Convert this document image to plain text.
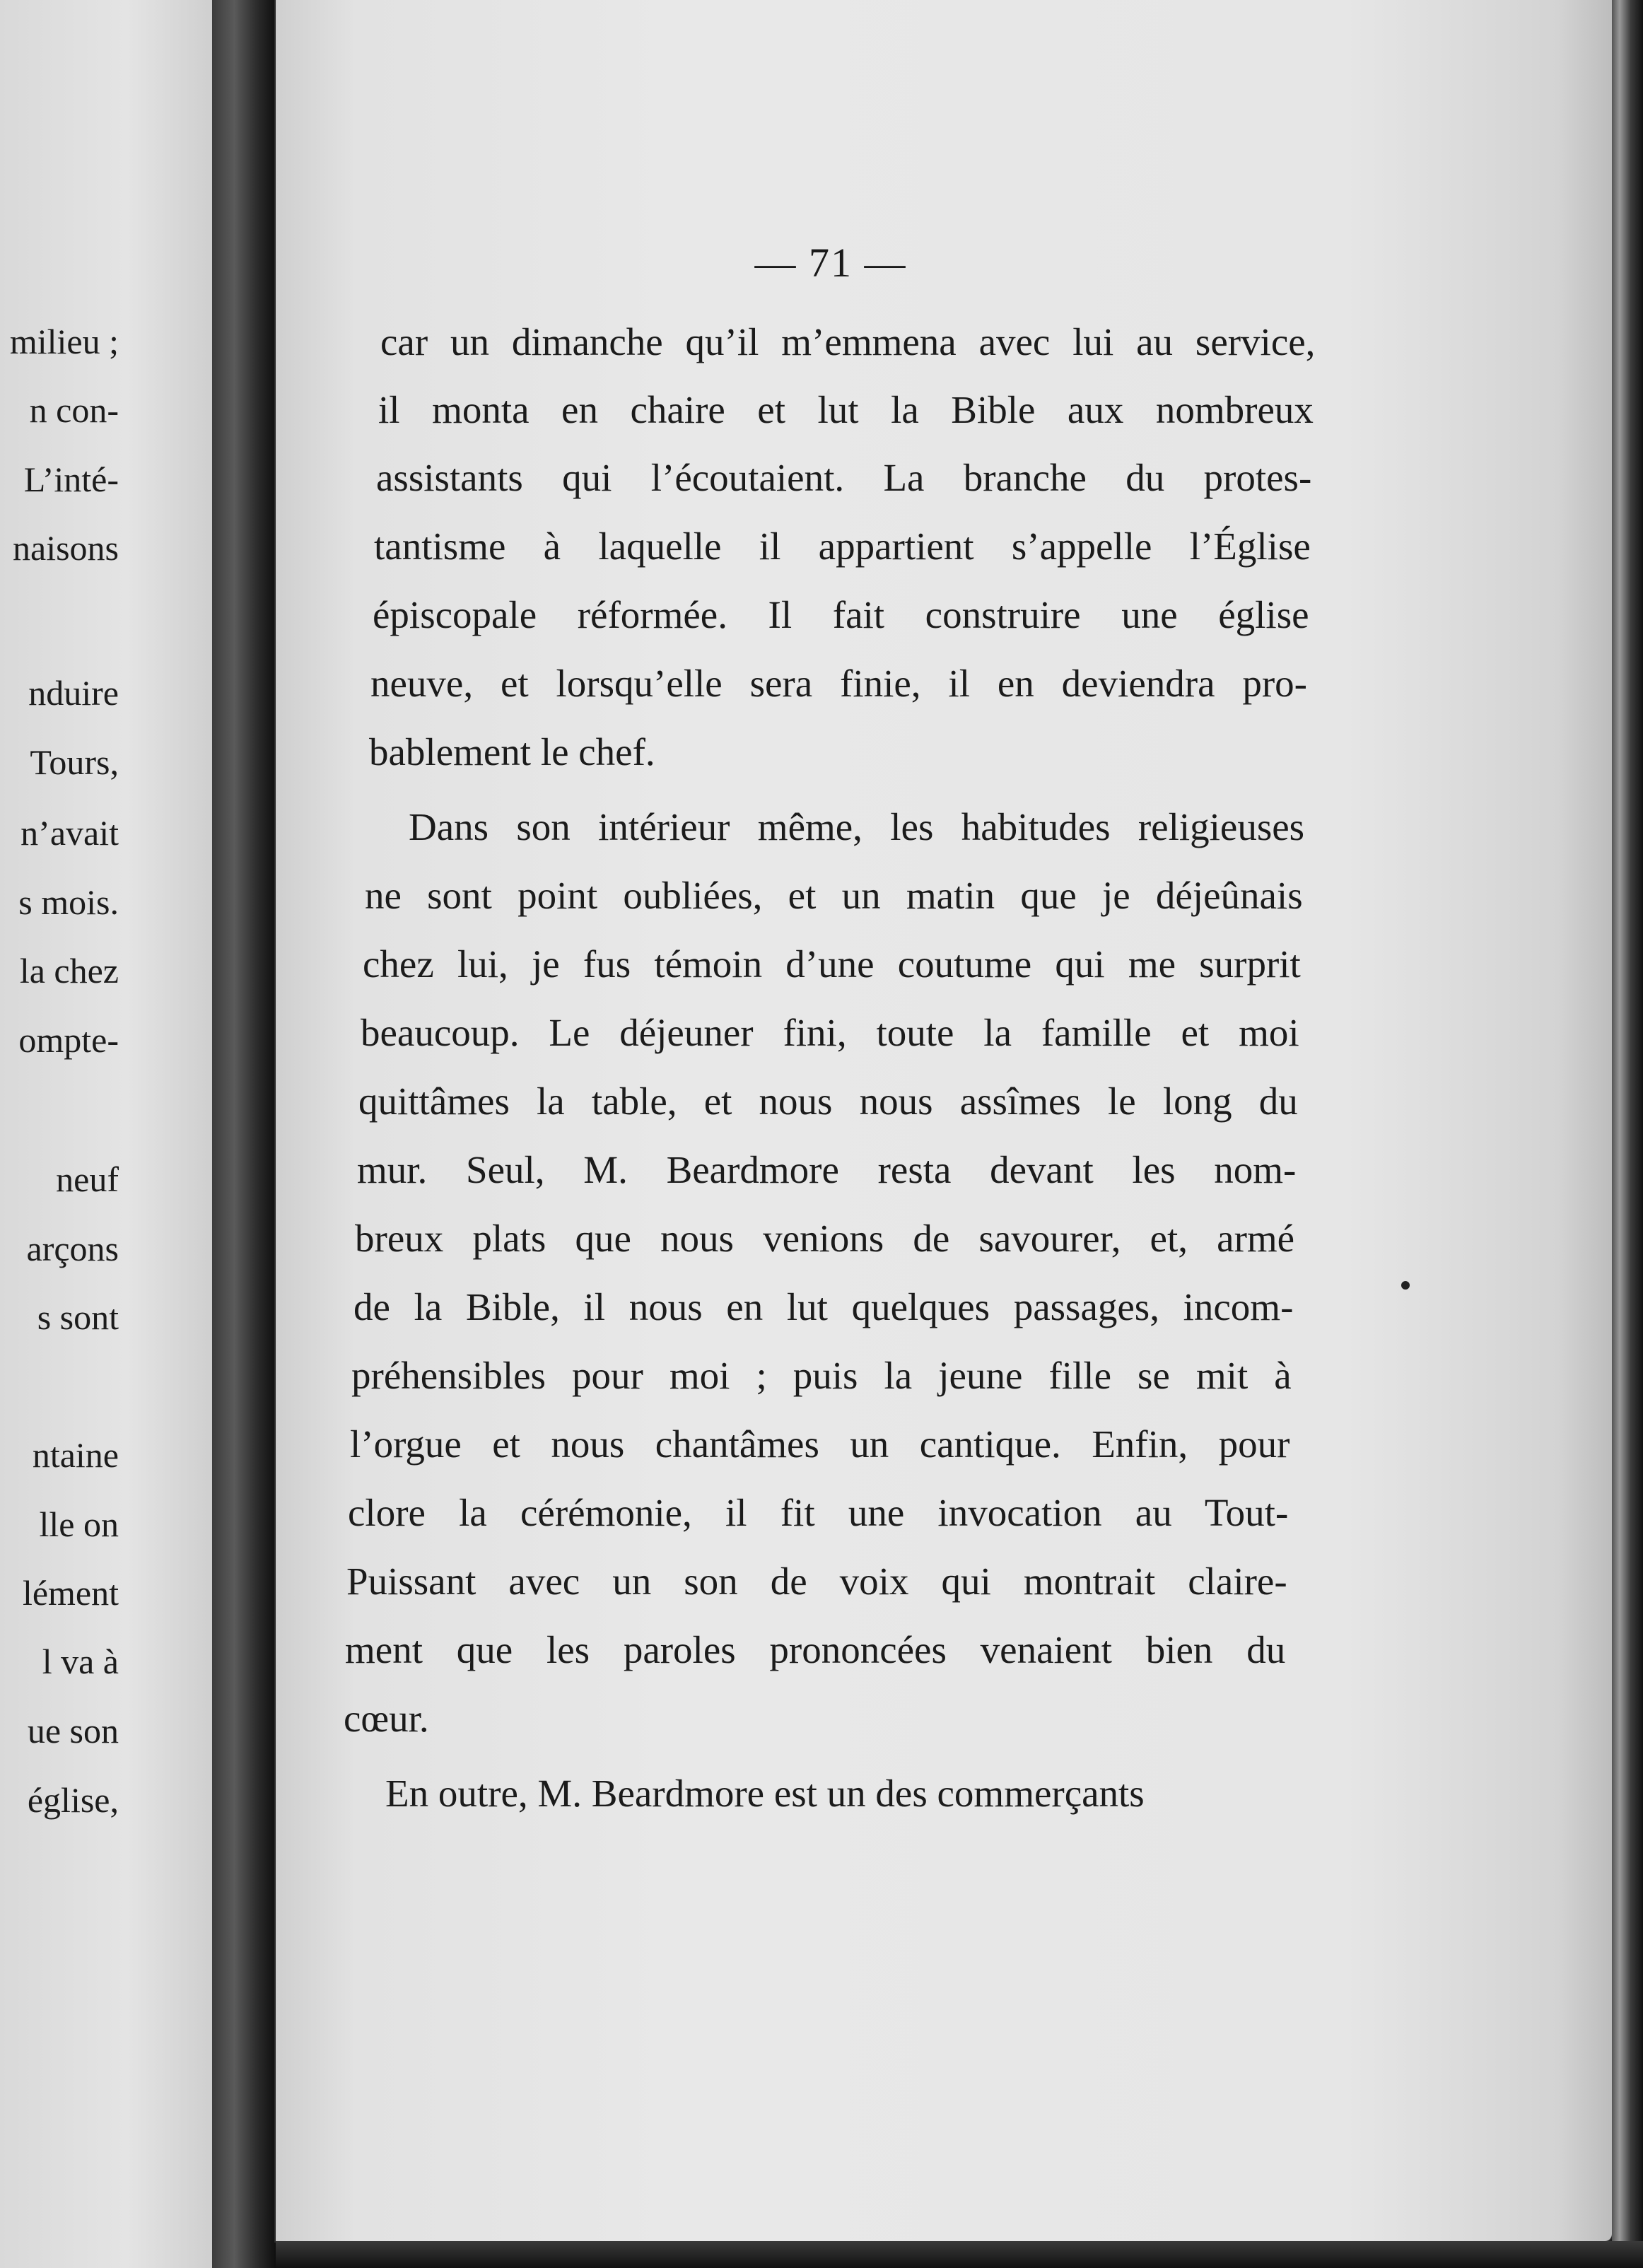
milieu ;
n con-
L’inté-
naisons
nduire
Tours,
n’avait
s mois.
la chez
ompte-
neuf
arçons
s sont
ntaine
lle on
lément
l va à
ue son
église,
— 71 —
car un dimanche qu’il m’emmena avec lui au service,
il monta en chaire et lut la Bible aux nombreux
assistants qui l’écoutaient. La branche du protes-
tantisme à laquelle il appartient s’appelle l’Église
épiscopale réformée. Il fait construire une église
neuve, et lorsqu’elle sera finie, il en deviendra pro-
bablement le chef.
Dans son intérieur même, les habitudes religieuses
ne sont point oubliées, et un matin que je déjeûnais
chez lui, je fus témoin d’une coutume qui me surprit
beaucoup. Le déjeuner fini, toute la famille et moi
quittâmes la table, et nous nous assîmes le long du
mur. Seul, M. Beardmore resta devant les nom-
breux plats que nous venions de savourer, et, armé
de la Bible, il nous en lut quelques passages, incom-
préhensibles pour moi ; puis la jeune fille se mit à
l’orgue et nous chantâmes un cantique. Enfin, pour
clore la cérémonie, il fit une invocation au Tout-
Puissant avec un son de voix qui montrait claire-
ment que les paroles prononcées venaient bien du
cœur.
En outre, M. Beardmore est un des commerçants
